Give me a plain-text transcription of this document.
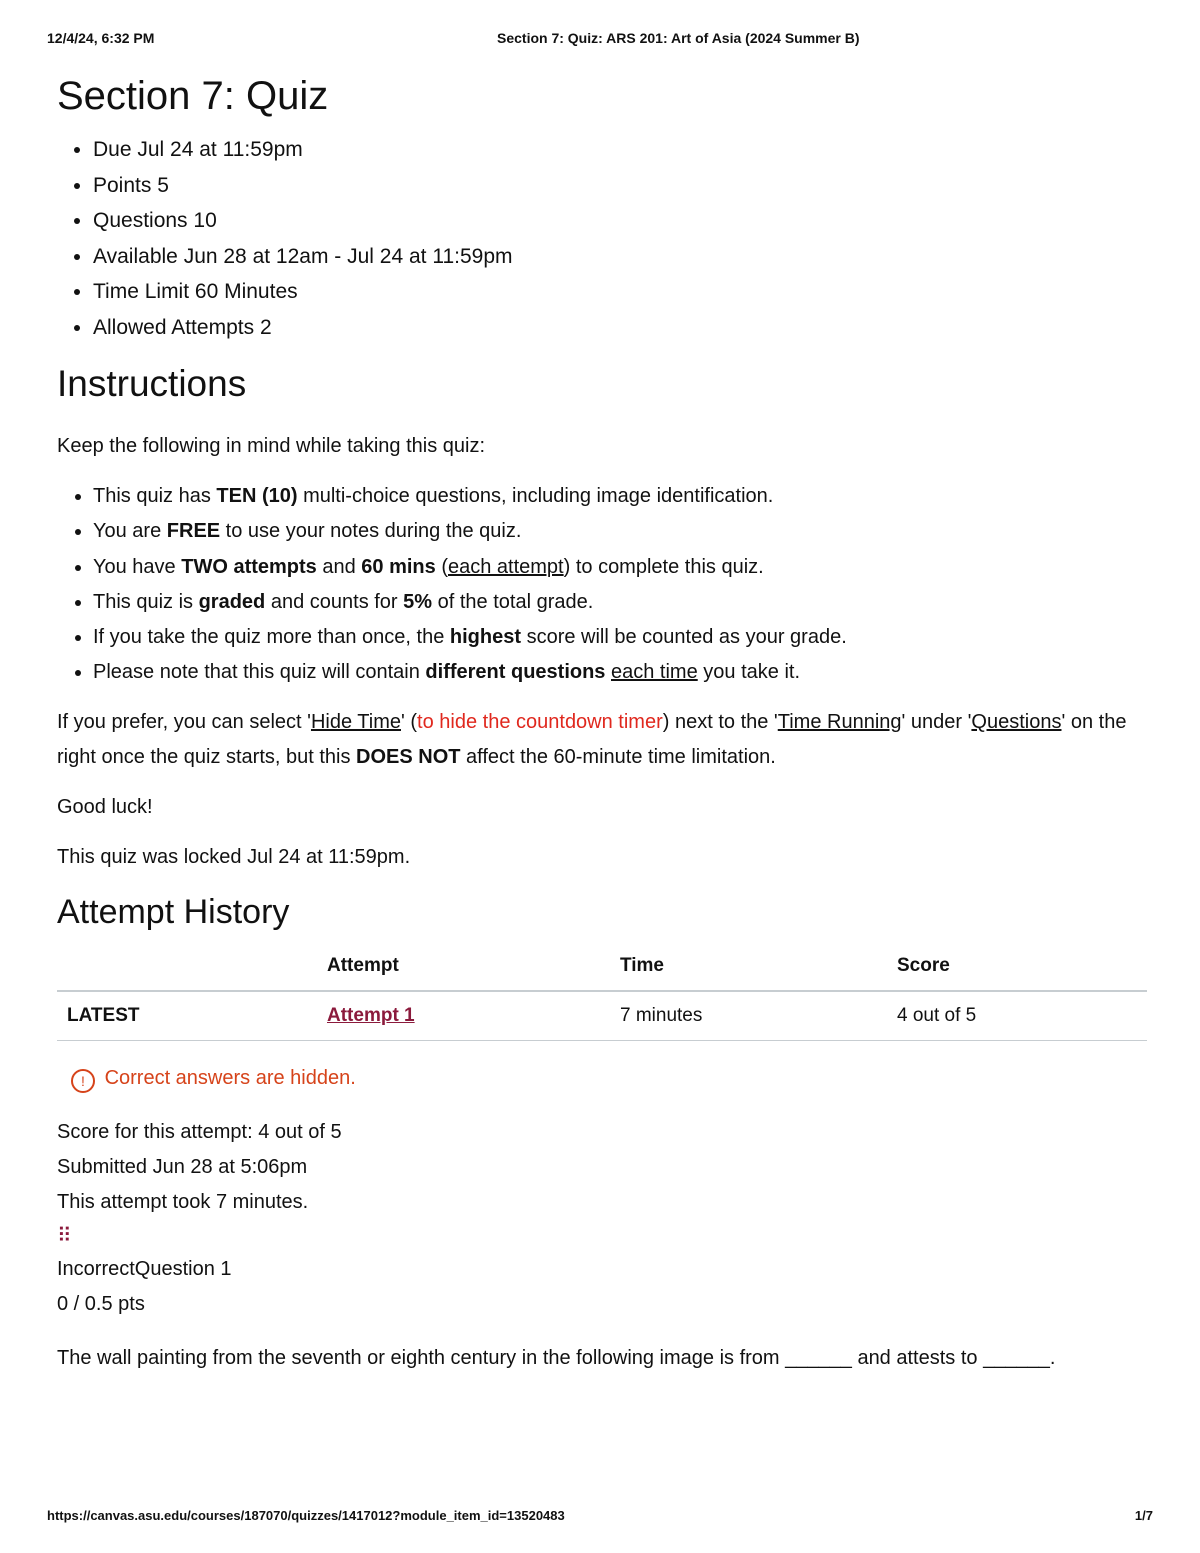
12/4/24, 6:32 PM	Section 7: Quiz: ARS 201: Art of Asia (2024 Summer B)
Section 7: Quiz
• Due Jul 24 at 11:59pm
• Points 5
• Questions 10
• Available Jun 28 at 12am - Jul 24 at 11:59pm
• Time Limit 60 Minutes
• Allowed Attempts 2
Instructions

Keep the following in mind while taking this quiz:

• This quiz has TEN (10) multi-choice questions, including image identification.
• You are FREE to use your notes during the quiz.
• You have TWO attempts and 60 mins (each attempt) to complete this quiz.
• This quiz is graded and counts for 5% of the total grade.
• If you take the quiz more than once, the highest score will be counted as your grade.
• Please note that this quiz will contain different questions each time you take it.

If you prefer, you can select 'Hide Time' (to hide the countdown timer) next to the 'Time Running' under 'Questions' on the right once the quiz starts, but this DOES NOT affect the 60-minute time limitation.

Good luck!

This quiz was locked Jul 24 at 11:59pm.

Attempt History
	Attempt	Time	Score
LATEST	Attempt 1	7 minutes	4 out of 5
! Correct answers are hidden.
Score for this attempt: 4 out of 5
Submitted Jun 28 at 5:06pm
This attempt took 7 minutes.
⠿
IncorrectQuestion 1
0 / 0.5 pts
The wall painting from the seventh or eighth century in the following image is from ______ and attests to ______.
https://canvas.asu.edu/courses/187070/quizzes/1417012?module_item_id=13520483	1/7
